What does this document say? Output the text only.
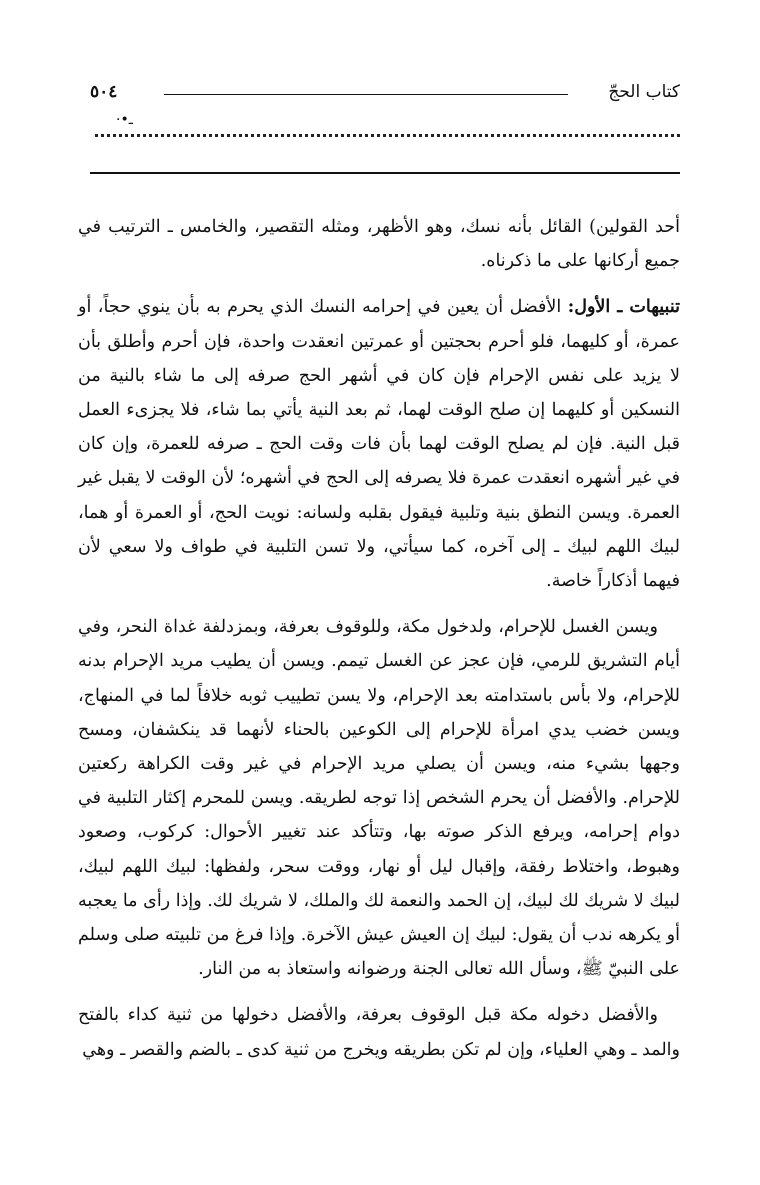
كتاب الحجّ
٥٠٤
·•ـ

أحد القولين) القائل بأنه نسك، وهو الأظهر، ومثله التقصير، والخامس ـ الترتيب في جميع أركانها على ما ذكرناه.

تنبيهات ـ الأول: الأفضل أن يعين في إحرامه النسك الذي يحرم به بأن ينوي حجاً، أو عمرة، أو كليهما، فلو أحرم بحجتين أو عمرتين انعقدت واحدة، فإن أحرم وأطلق بأن لا يزيد على نفس الإحرام فإن كان في أشهر الحج صرفه إلى ما شاء بالنية من النسكين أو كليهما إن صلح الوقت لهما، ثم بعد النية يأتي بما شاء، فلا يجزىء العمل قبل النية. فإن لم يصلح الوقت لهما بأن فات وقت الحج ـ صرفه للعمرة، وإن كان في غير أشهره انعقدت عمرة فلا يصرفه إلى الحج في أشهره؛ لأن الوقت لا يقبل غير العمرة. ويسن النطق بنية وتلبية فيقول بقلبه ولسانه: نويت الحج، أو العمرة أو هما، لبيك اللهم لبيك ـ إلى آخره، كما سيأتي، ولا تسن التلبية في طواف ولا سعي لأن فيهما أذكاراً خاصة.

ويسن الغسل للإحرام، ولدخول مكة، وللوقوف بعرفة، وبمزدلفة غداة النحر، وفي أيام التشريق للرمي، فإن عجز عن الغسل تيمم. ويسن أن يطيب مريد الإحرام بدنه للإحرام، ولا بأس باستدامته بعد الإحرام، ولا يسن تطييب ثوبه خلافاً لما في المنهاج، ويسن خضب يدي امرأة للإحرام إلى الكوعين بالحناء لأنهما قد ينكشفان، ومسح وجهها بشيء منه، ويسن أن يصلي مريد الإحرام في غير وقت الكراهة ركعتين للإحرام. والأفضل أن يحرم الشخص إذا توجه لطريقه. ويسن للمحرم إكثار التلبية في دوام إحرامه، ويرفع الذكر صوته بها، وتتأكد عند تغيير الأحوال: كركوب، وصعود وهبوط، واختلاط رفقة، وإقبال ليل أو نهار، ووقت سحر، ولفظها: لبيك اللهم لبيك، لبيك لا شريك لك لبيك، إن الحمد والنعمة لك والملك، لا شريك لك. وإذا رأى ما يعجبه أو يكرهه ندب أن يقول: لبيك إن العيش عيش الآخرة. وإذا فرغ من تلبيته صلى وسلم على النبيّ ﷺ، وسأل الله تعالى الجنة ورضوانه واستعاذ به من النار.

والأفضل دخوله مكة قبل الوقوف بعرفة، والأفضل دخولها من ثنية كداء بالفتح والمد ـ وهي العلياء، وإن لم تكن بطريقه ويخرج من ثنية كدى ـ بالضم والقصر ـ وهي
